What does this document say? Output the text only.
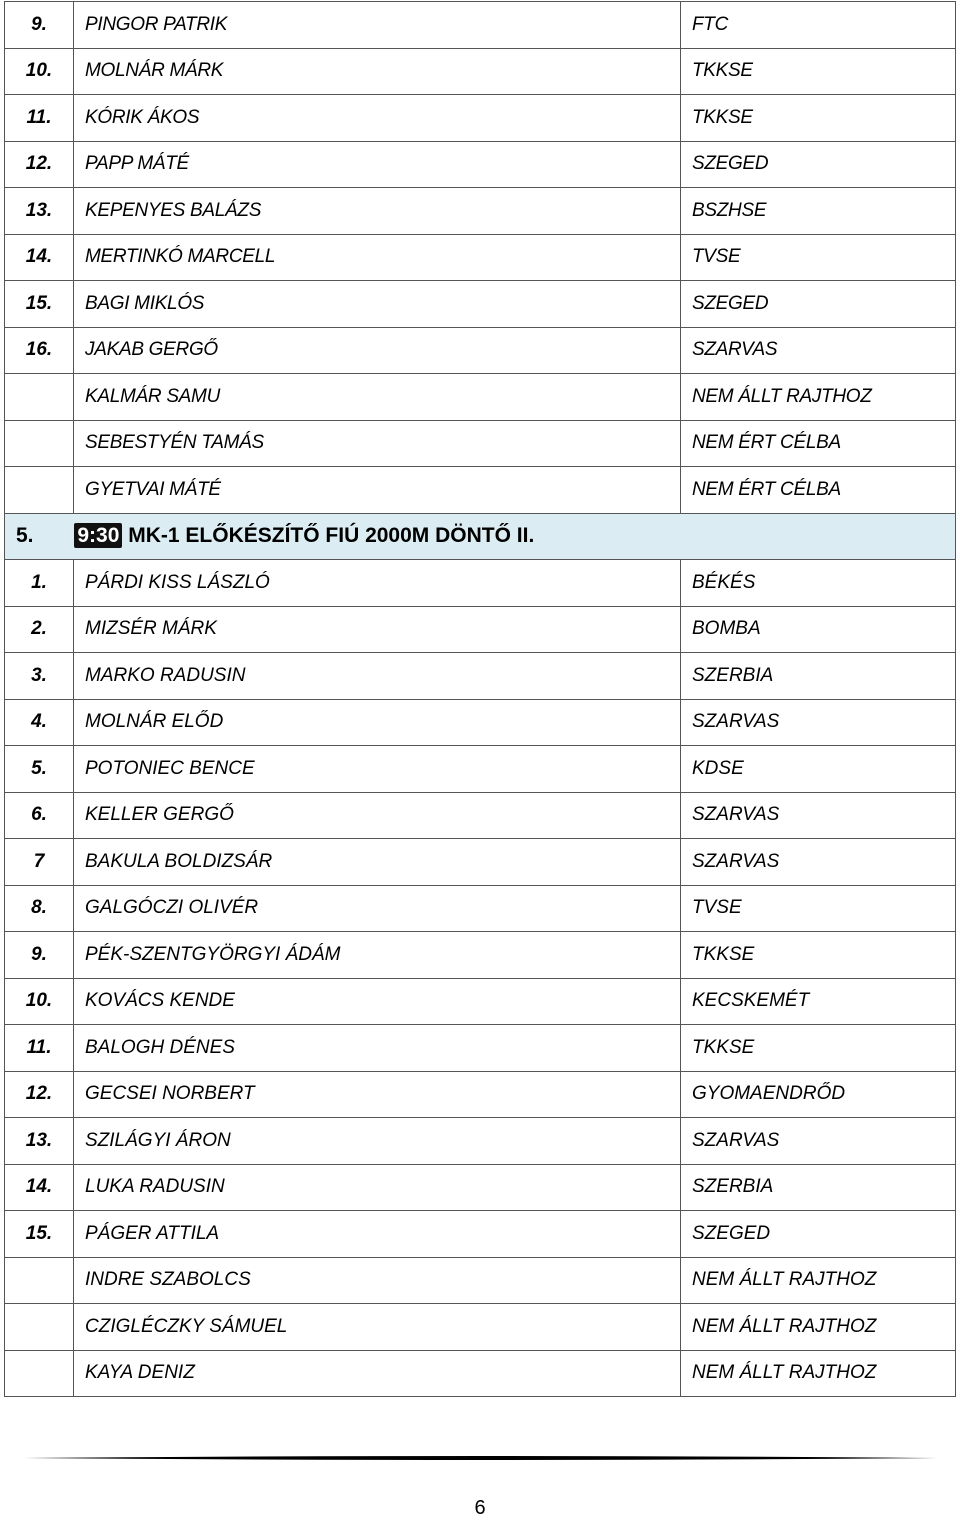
9.	PINGOR PATRIK	FTC
10.	MOLNÁR MÁRK	TKKSE
11.	KÓRIK ÁKOS	TKKSE
12.	PAPP MÁTÉ	SZEGED
13.	KEPENYES BALÁZS	BSZHSE
14.	MERTINKÓ MARCELL	TVSE
15.	BAGI MIKLÓS	SZEGED
16.	JAKAB GERGŐ	SZARVAS
	KALMÁR SAMU	NEM ÁLLT RAJTHOZ
	SEBESTYÉN TAMÁS	NEM ÉRT CÉLBA
	GYETVAI MÁTÉ	NEM ÉRT CÉLBA
5. 9:30 MK-1 ELŐKÉSZÍTŐ FIÚ 2000M DÖNTŐ II.		
1.	PÁRDI KISS LÁSZLÓ	BÉKÉS
2.	MIZSÉR MÁRK	BOMBA
3.	MARKO RADUSIN	SZERBIA
4.	MOLNÁR ELŐD	SZARVAS
5.	POTONIEC BENCE	KDSE
6.	KELLER GERGŐ	SZARVAS
7	BAKULA BOLDIZSÁR	SZARVAS
8.	GALGÓCZI OLIVÉR	TVSE
9.	PÉK-SZENTGYÖRGYI ÁDÁM	TKKSE
10.	KOVÁCS KENDE	KECSKEMÉT
11.	BALOGH DÉNES	TKKSE
12.	GECSEI NORBERT	GYOMAENDRŐD
13.	SZILÁGYI ÁRON	SZARVAS
14.	LUKA RADUSIN	SZERBIA
15.	PÁGER ATTILA	SZEGED
	INDRE SZABOLCS	NEM ÁLLT RAJTHOZ
	CZIGLÉCZKY SÁMUEL	NEM ÁLLT RAJTHOZ
	KAYA DENIZ	NEM ÁLLT RAJTHOZ
6
